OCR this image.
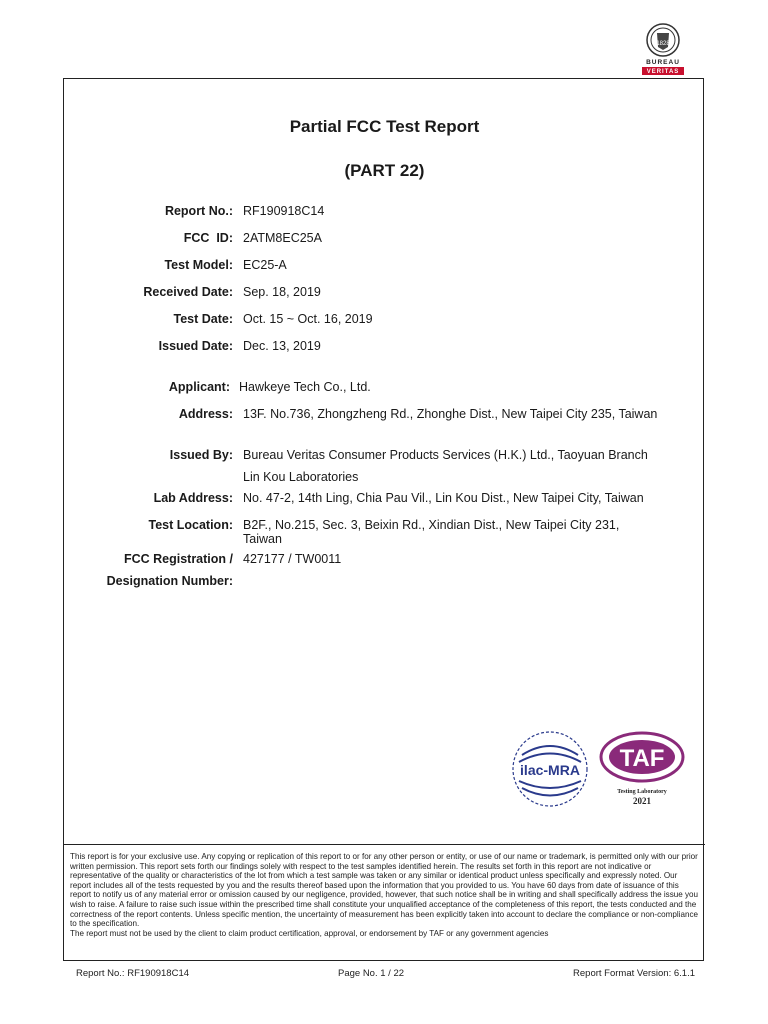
1828
BUREAU
VERITAS
Partial FCC Test Report
(PART 22)
Report No.: RF190918C14
FCC  ID: 2ATM8EC25A
Test Model: EC25-A
Received Date: Sep. 18, 2019
Test Date: Oct. 15 ~ Oct. 16, 2019
Issued Date: Dec. 13, 2019
Applicant: Hawkeye Tech Co., Ltd.
Address: 13F. No.736, Zhongzheng Rd., Zhonghe Dist., New Taipei City 235, Taiwan
Issued By: Bureau Veritas Consumer Products Services (H.K.) Ltd., Taoyuan Branch
Lin Kou Laboratories
Lab Address: No. 47-2, 14th Ling, Chia Pau Vil., Lin Kou Dist., New Taipei City, Taiwan
Test Location: B2F., No.215, Sec. 3, Beixin Rd., Xindian Dist., New Taipei City 231,
Taiwan
FCC Registration / 427177 / TW0011
Designation Number:
ilac-MRA TAF
Testing Laboratory
2021

This report is for your exclusive use. Any copying or replication of this report to or for any other person or entity, or use of our name or trademark, is permitted only with our prior written permission. This report sets forth our findings solely with respect to the test samples identified herein. The results set forth in this report are not indicative or representative of the quality or characteristics of the lot from which a test sample was taken or any similar or identical product unless specifically and expressly noted. Our report includes all of the tests requested by you and the results thereof based upon the information that you provided to us. You have 60 days from date of issuance of this report to notify us of any material error or omission caused by our negligence, provided, however, that such notice shall be in writing and shall specifically address the issue you wish to raise. A failure to raise such issue within the prescribed time shall constitute your unqualified acceptance of the completeness of this report, the tests conducted and the correctness of the report contents. Unless specific mention, the uncertainty of measurement has been explicitly taken into account to declare the compliance or non-compliance to the specification.

The report must not be used by the client to claim product certification, approval, or endorsement by TAF or any government agencies

Report No.: RF190918C14	Page No. 1 / 22	Report Format Version: 6.1.1
